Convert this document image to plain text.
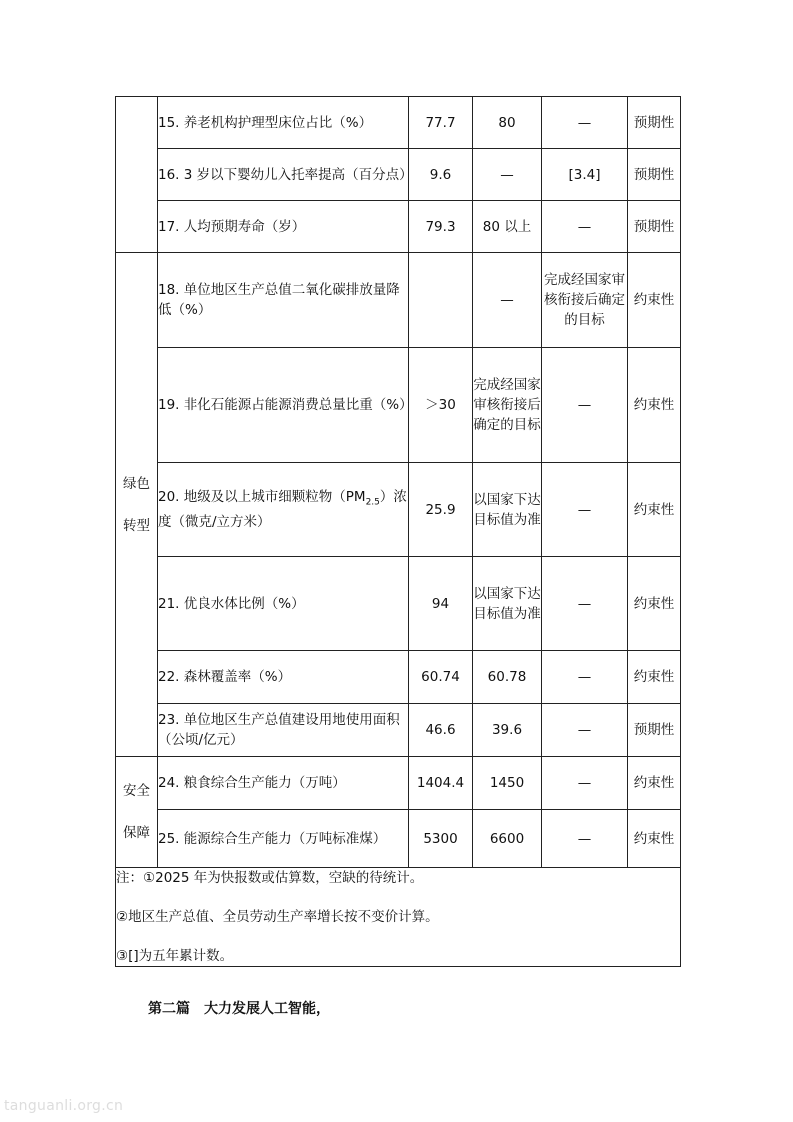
	15. 养老机构护理型床位占比（%）	77.7	80	—	预期性
	16. 3 岁以下婴幼儿入托率提高（百分点）	9.6	—	[3.4]	预期性
	17. 人均预期寿命（岁）	79.3	80 以上	—	预期性

绿色
转型	18. 单位地区生产总值二氧化碳排放量降低（%）		—	完成经国家审核衔接后确定的目标	约束性
	19. 非化石能源占能源消费总量比重（%）	＞30	完成经国家审核衔接后确定的目标	—	约束性
	20. 地级及以上城市细颗粒物$(PM_{2.5})$浓度（微克/立方米）	25.9	以国家下达目标值为准	—	约束性
	21. 优良水体比例（%）	94	以国家下达目标值为准	—	约束性
	22. 森林覆盖率（%）	60.74	60.78	—	约束性
	23. 单位地区生产总值建设用地使用面积（公顷/亿元）	46.6	39.6	—	预期性

安全
保障	24. 粮食综合生产能力（万吨）	1404.4	1450	—	约束性
	25. 能源综合生产能力（万吨标准煤）	5300	6600	—	约束性

注：①2025 年为快报数或估算数，空缺的待统计。
②地区生产总值、全员劳动生产率增长按不变价计算。
③[]为五年累计数。					
第二篇　大力发展人工智能，
tanguanli.org.cn
